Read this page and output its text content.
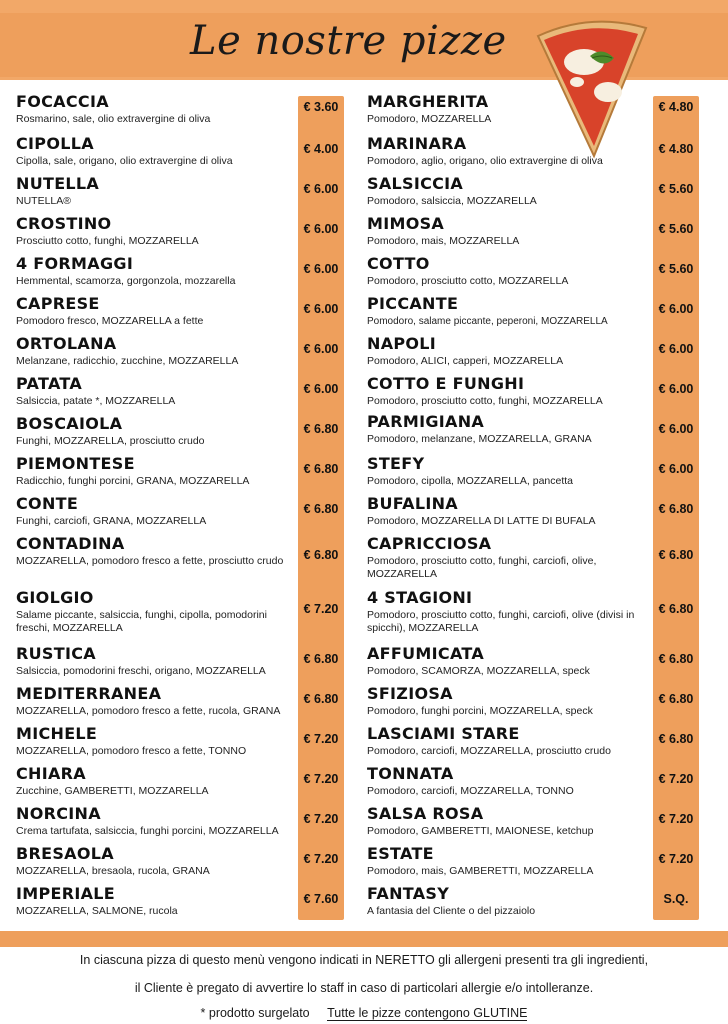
Le nostre pizze
FOCACCIA
Rosmarino, sale, olio extravergine di oliva
€ 3.60
CIPOLLA
Cipolla, sale, origano, olio extravergine di oliva
€ 4.00
NUTELLA
NUTELLA®
€ 6.00
CROSTINO
Prosciutto cotto, funghi, MOZZARELLA
€ 6.00
4 FORMAGGI
Hemmental, scamorza, gorgonzola, mozzarella
€ 6.00
CAPRESE
Pomodoro fresco, MOZZARELLA a fette
€ 6.00
ORTOLANA
Melanzane, radicchio, zucchine, MOZZARELLA
€ 6.00
PATATA
Salsiccia, patate *, MOZZARELLA
€ 6.00
BOSCAIOLA
Funghi, MOZZARELLA, prosciutto crudo
€ 6.80
PIEMONTESE
Radicchio, funghi porcini, GRANA, MOZZARELLA
€ 6.80
CONTE
Funghi, carciofi, GRANA, MOZZARELLA
€ 6.80
CONTADINA
MOZZARELLA, pomodoro fresco a fette, prosciutto crudo	€ 6.80
GIOLGIO
Salame piccante, salsiccia, funghi, cipolla, pomodorini freschi, MOZZARELLA
€ 7.20
RUSTICA
Salsiccia, pomodorini freschi, origano, MOZZARELLA
€ 6.80
MEDITERRANEA
MOZZARELLA, pomodoro fresco a fette, rucola, GRANA
€ 6.80
MICHELE
MOZZARELLA, pomodoro fresco a fette, TONNO
€ 7.20
CHIARA
Zucchine, GAMBERETTI, MOZZARELLA
€ 7.20
NORCINA
Crema tartufata, salsiccia, funghi porcini, MOZZARELLA
€ 7.20
BRESAOLA
MOZZARELLA, bresaola, rucola, GRANA
€ 7.20
IMPERIALE
MOZZARELLA, SALMONE, rucola
€ 7.60
MARGHERITA
Pomodoro, MOZZARELLA
€ 4.80
MARINARA
Pomodoro, aglio, origano, olio extravergine di oliva
€ 4.80
SALSICCIA
Pomodoro, salsiccia, MOZZARELLA
€ 5.60
MIMOSA
Pomodoro, mais, MOZZARELLA
€ 5.60
COTTO
Pomodoro, prosciutto cotto, MOZZARELLA
€ 5.60
PICCANTE
Pomodoro, salame piccante, peperoni, MOZZARELLA
€ 6.00
NAPOLI
Pomodoro, ALICI, capperi, MOZZARELLA
€ 6.00
COTTO E FUNGHI
Pomodoro, prosciutto cotto, funghi, MOZZARELLA
€ 6.00
PARMIGIANA
Pomodoro, melanzane, MOZZARELLA, GRANA
€ 6.00
STEFY
Pomodoro, cipolla, MOZZARELLA, pancetta
€ 6.00
BUFALINA
Pomodoro, MOZZARELLA DI LATTE DI BUFALA
€ 6.80
CAPRICCIOSA
Pomodoro, prosciutto cotto, funghi, carciofi, olive, MOZZARELLA
€ 6.80
4 STAGIONI
Pomodoro, prosciutto cotto, funghi, carciofi, olive (divisi in spicchi), MOZZARELLA
€ 6.80
AFFUMICATA
Pomodoro, SCAMORZA, MOZZARELLA, speck
€ 6.80
SFIZIOSA
Pomodoro, funghi porcini, MOZZARELLA, speck
€ 6.80
LASCIAMI STARE
Pomodoro, carciofi, MOZZARELLA, prosciutto crudo
€ 6.80
TONNATA
Pomodoro, carciofi, MOZZARELLA, TONNO
€ 7.20
SALSA ROSA
Pomodoro, GAMBERETTI, MAIONESE, ketchup
€ 7.20
ESTATE
Pomodoro, mais, GAMBERETTI, MOZZARELLA
€ 7.20
FANTASY
A fantasia del Cliente o del pizzaiolo
S.Q.
In ciascuna pizza di questo menù vengono indicati in NERETTO gli allergeni presenti tra gli ingredienti,
il Cliente è pregato di avvertire lo staff in caso di particolari allergie e/o intolleranze.
* prodotto surgelato Tutte le pizze contengono GLUTINE
